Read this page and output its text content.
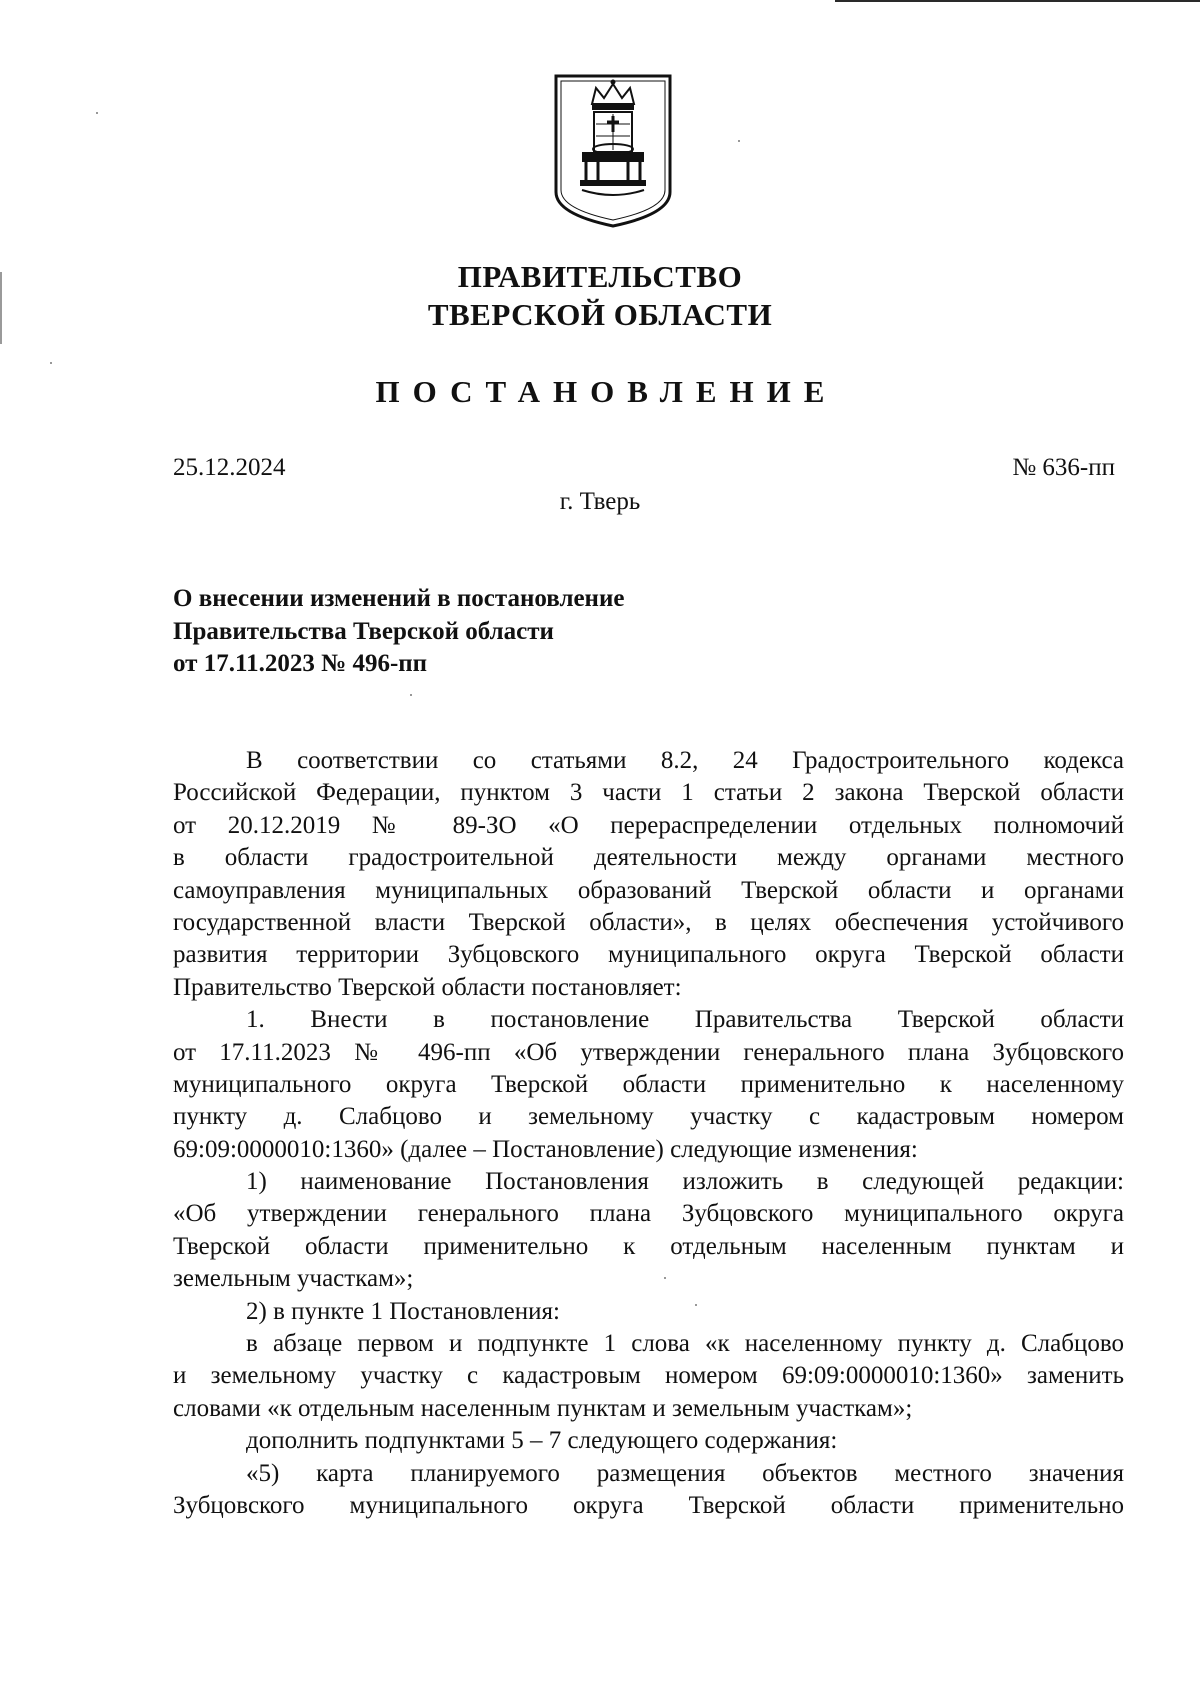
ПРАВИТЕЛЬСТВО
ТВЕРСКОЙ ОБЛАСТИ
ПОСТАНОВЛЕНИЕ
25.12.2024	№ 636-пп
г. Тверь
О внесении изменений в постановление
Правительства Тверской области
от 17.11.2023 № 496-пп
В соответствии со статьями 8.2, 24 Градостроительного кодекса
Российской Федерации, пунктом 3 части 1 статьи 2 закона Тверской области
от 20.12.2019 № 89-ЗО «О перераспределении отдельных полномочий
в области градостроительной деятельности между органами местного
самоуправления муниципальных образований Тверской области и органами
государственной власти Тверской области», в целях обеспечения устойчивого
развития территории Зубцовского муниципального округа Тверской области
Правительство Тверской области постановляет:
1. Внести в постановление Правительства Тверской области
от 17.11.2023 № 496-пп «Об утверждении генерального плана Зубцовского
муниципального округа Тверской области применительно к населенному
пункту д. Слабцово и земельному участку с кадастровым номером
69:09:0000010:1360» (далее – Постановление) следующие изменения:
1) наименование Постановления изложить в следующей редакции:
«Об утверждении генерального плана Зубцовского муниципального округа
Тверской области применительно к отдельным населенным пунктам и
земельным участкам»;
2) в пункте 1 Постановления:
в абзаце первом и подпункте 1 слова «к населенному пункту д. Слабцово
и земельному участку с кадастровым номером 69:09:0000010:1360» заменить
словами «к отдельным населенным пунктам и земельным участкам»;
дополнить подпунктами 5 – 7 следующего содержания:
«5) карта планируемого размещения объектов местного значения
Зубцовского муниципального округа Тверской области применительно
